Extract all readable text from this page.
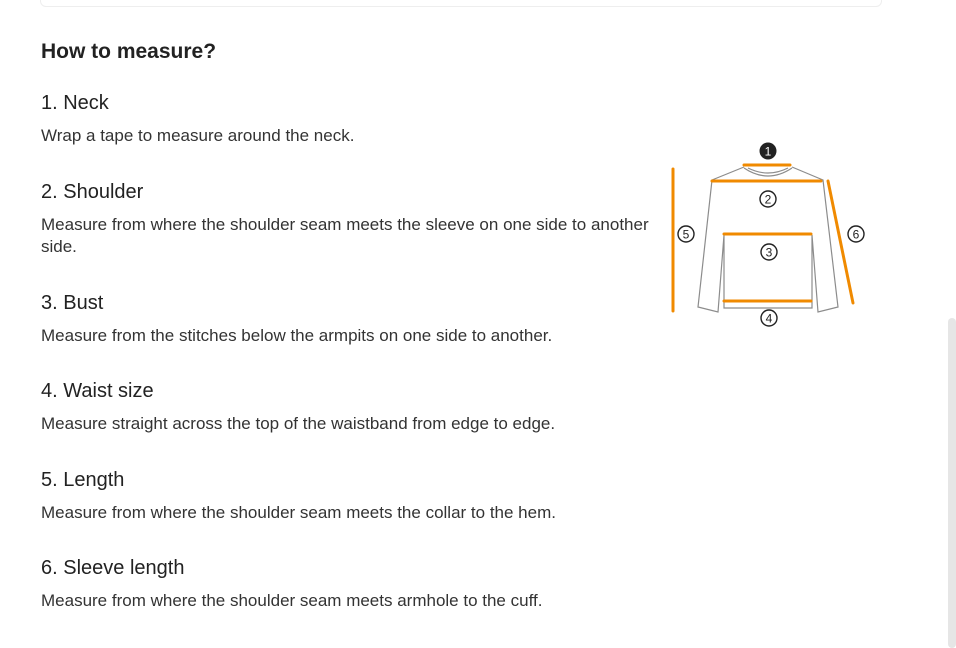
How to measure?

1. Neck

Wrap a tape to measure around the neck.

2. Shoulder

Measure from where the shoulder seam meets the sleeve on one side to another side.

3. Bust

Measure from the stitches below the armpits on one side to another.

4. Waist size

Measure straight across the top of the waistband from edge to edge.

5. Length

Measure from where the shoulder seam meets the collar to the hem.

6. Sleeve length

Measure from where the shoulder seam meets armhole to the cuff.

1
2
3
4
5	6
